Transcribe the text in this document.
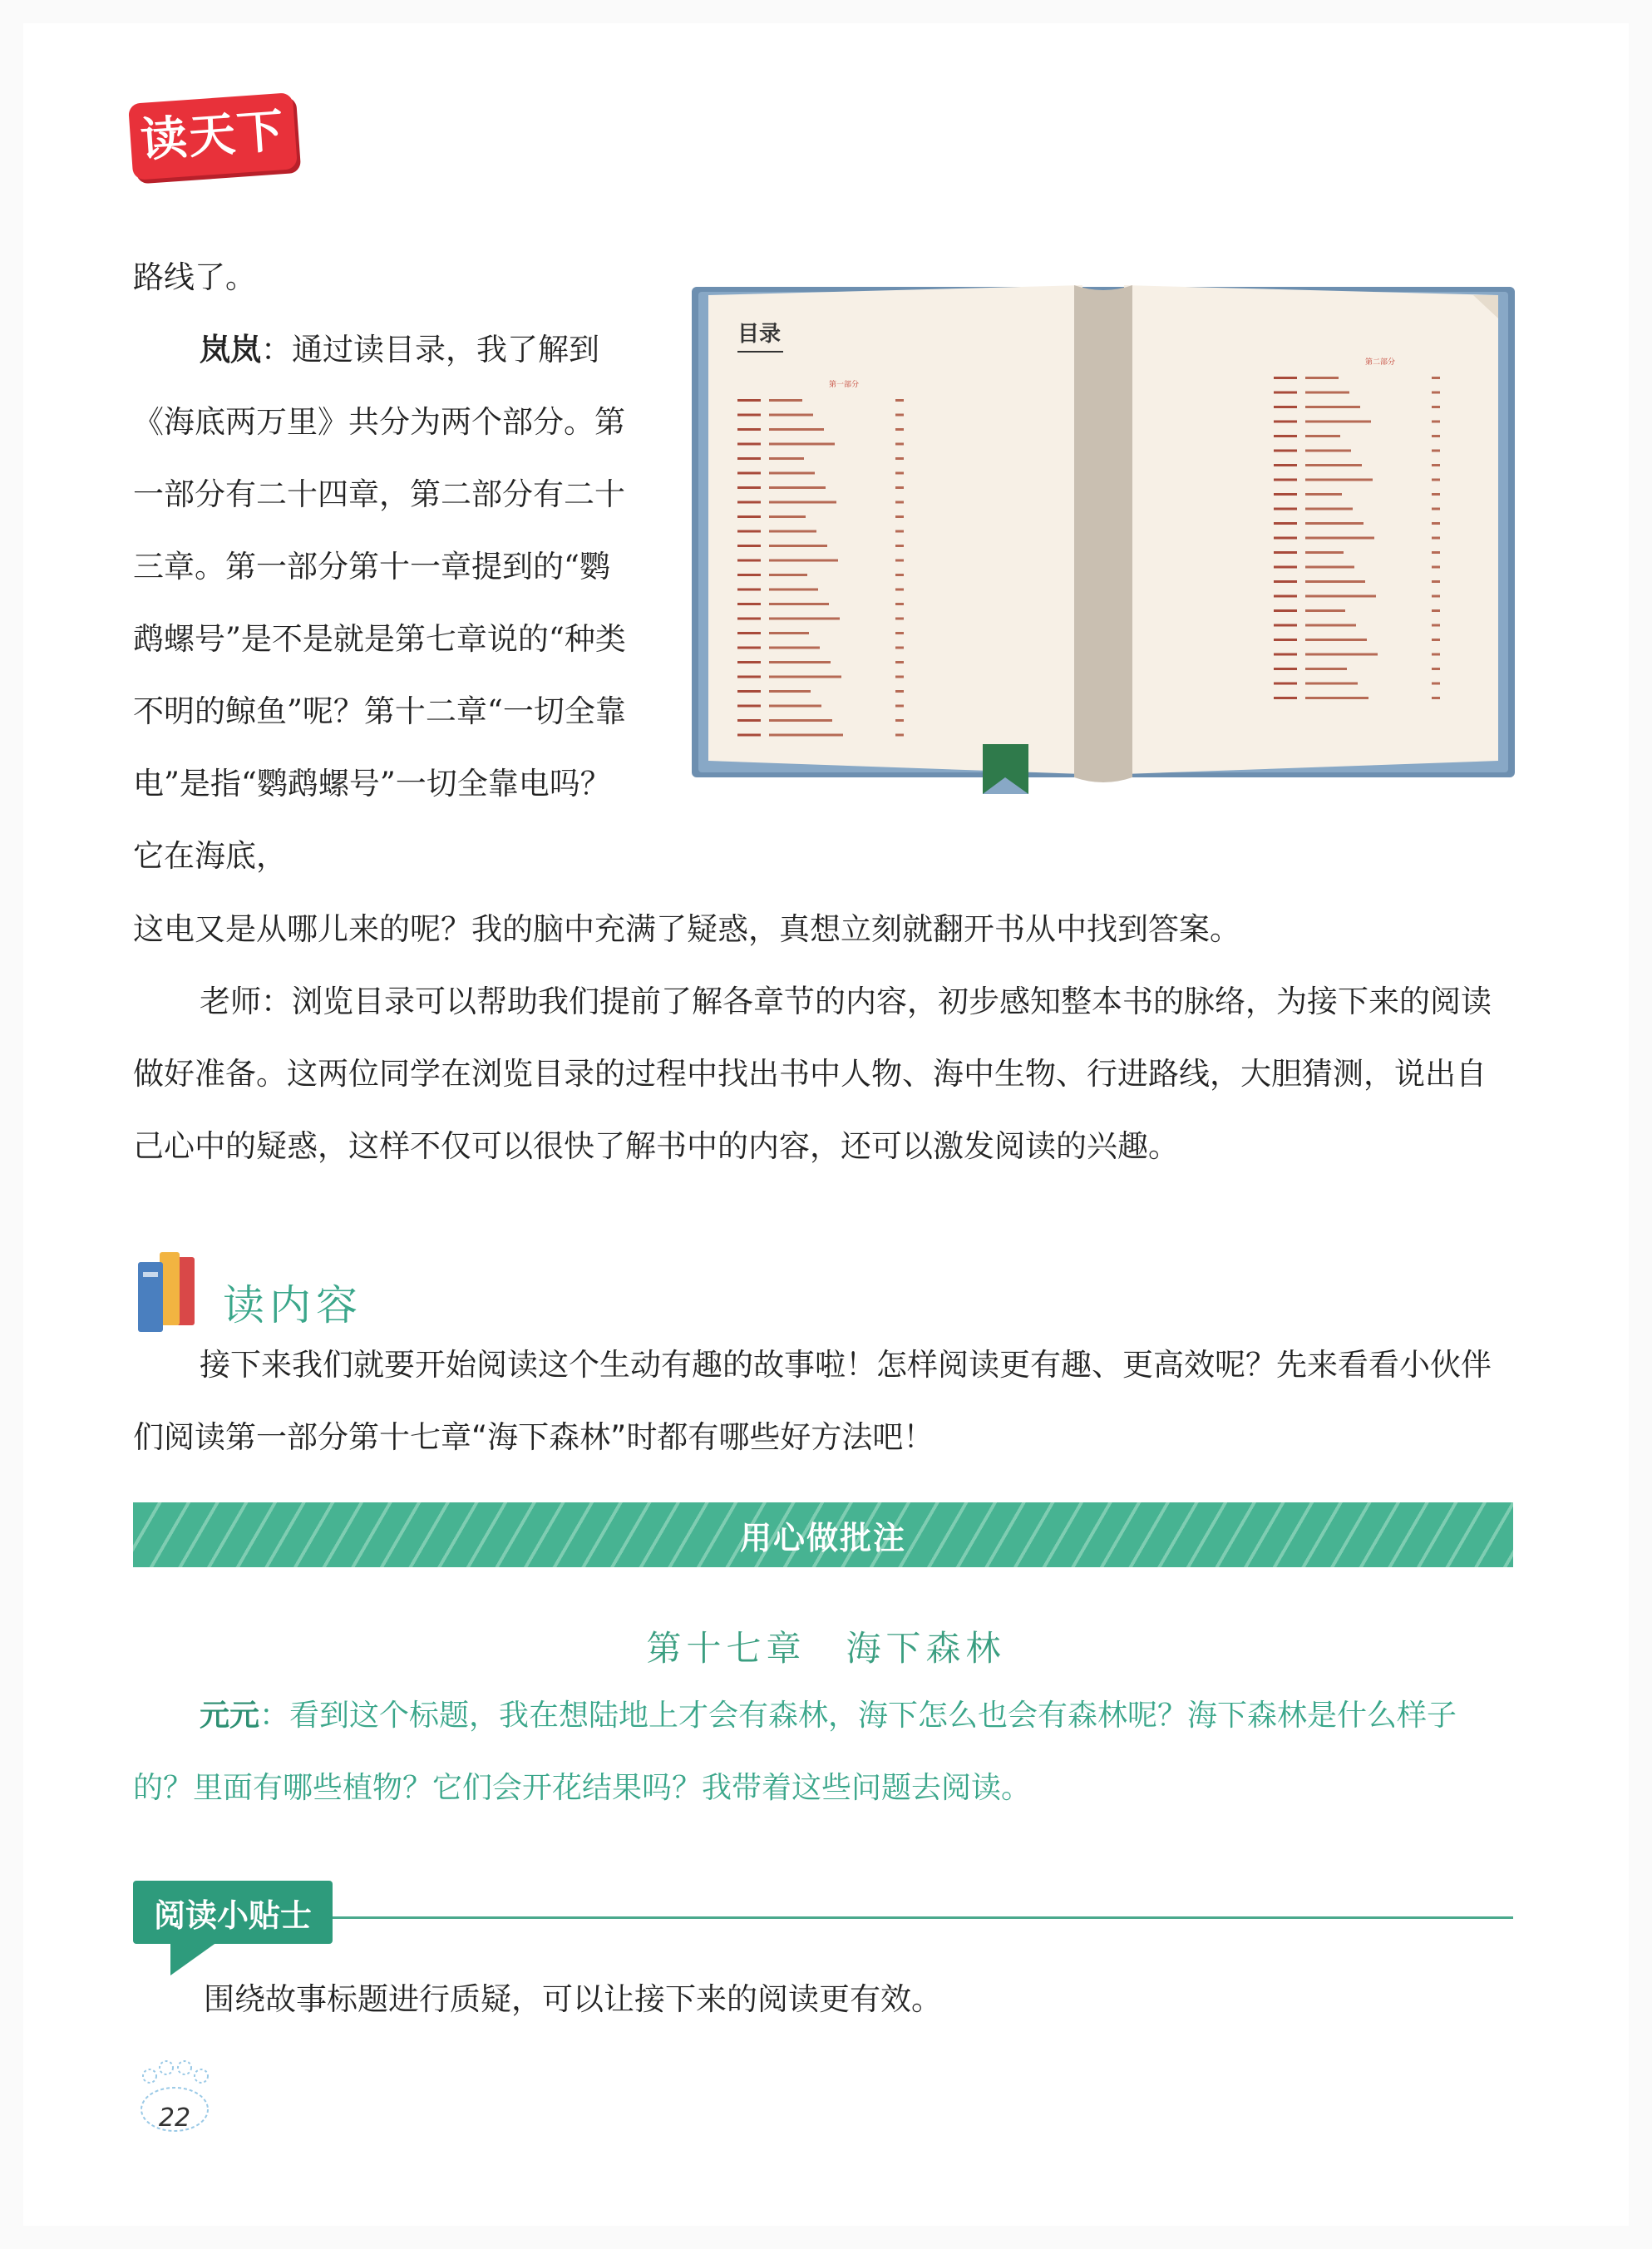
读天下

路线了。

岚岚：通过读目录，我了解到《海底两万里》共分为两个部分。第一部分有二十四章，第二部分有二十三章。第一部分第十一章提到的“鹦鹉螺号”是不是就是第七章说的“种类不明的鲸鱼”呢？第十二章“一切全靠电”是指“鹦鹉螺号”一切全靠电吗？它在海底，

这电又是从哪儿来的呢？我的脑中充满了疑惑，真想立刻就翻开书从中找到答案。

目录
第一部分
第二部分

老师：浏览目录可以帮助我们提前了解各章节的内容，初步感知整本书的脉络，为接下来的阅读做好准备。这两位同学在浏览目录的过程中找出书中人物、海中生物、行进路线，大胆猜测，说出自己心中的疑惑，这样不仅可以很快了解书中的内容，还可以激发阅读的兴趣。

读内容

接下来我们就要开始阅读这个生动有趣的故事啦！怎样阅读更有趣、更高效呢？先来看看小伙伴们阅读第一部分第十七章“海下森林”时都有哪些好方法吧！

用心做批注
第十七章　海下森林

元元：看到这个标题，我在想陆地上才会有森林，海下怎么也会有森林呢？海下森林是什么样子的？里面有哪些植物？它们会开花结果吗？我带着这些问题去阅读。

阅读小贴士

围绕故事标题进行质疑，可以让接下来的阅读更有效。

22
